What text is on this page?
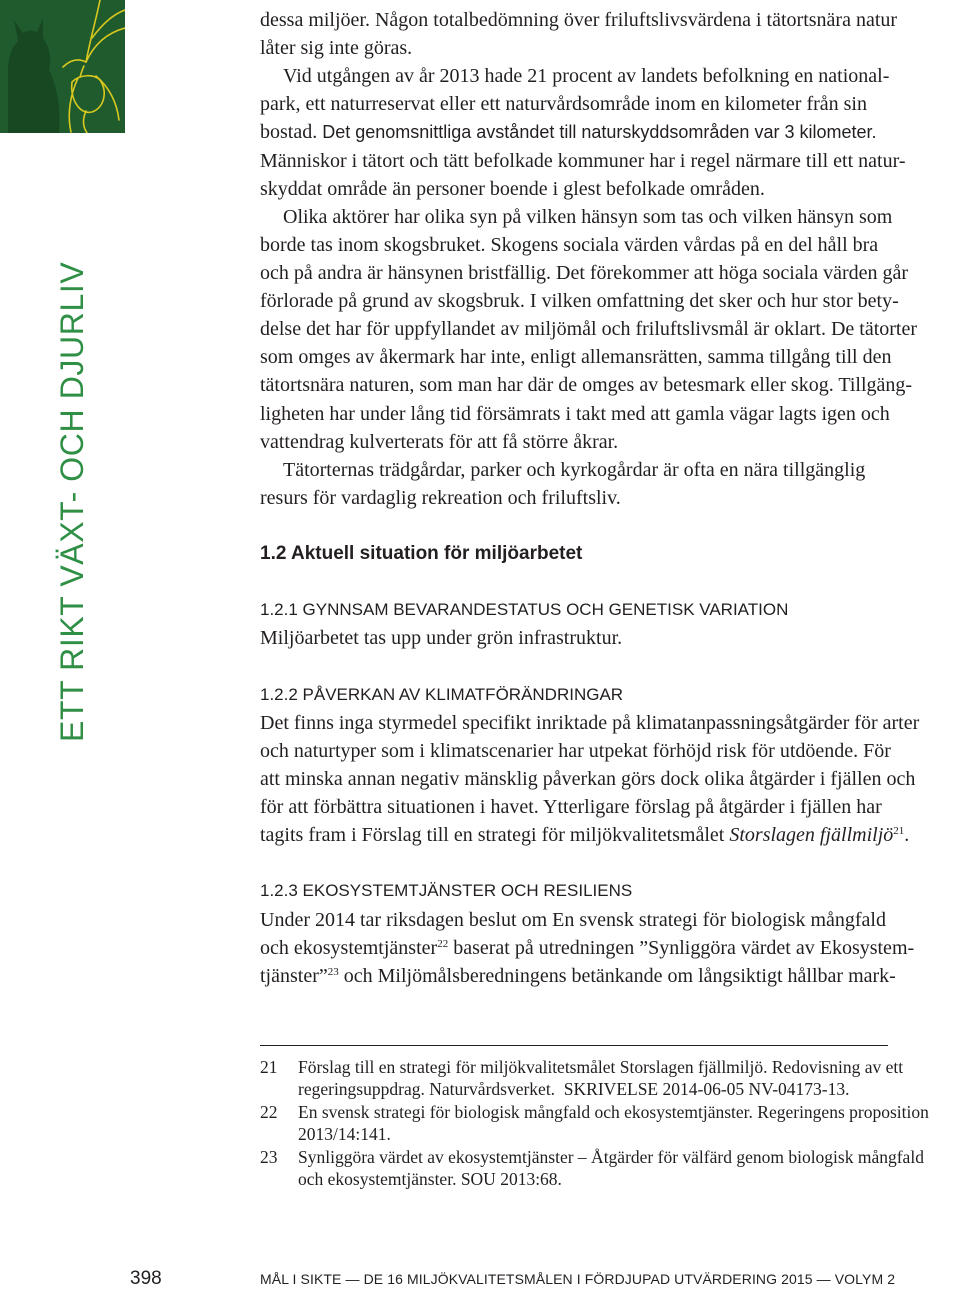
ETT RIKT VÄXT- OCH DJURLIV
dessa miljöer. Någon totalbedömning över friluftslivsvärdena i tätortsnära natur
låter sig inte göras.
Vid utgången av år 2013 hade 21 procent av landets befolkning en national-
park, ett naturreservat eller ett naturvårdsområde inom en kilometer från sin
bostad. Det genomsnittliga avståndet till naturskyddsområden var 3 kilometer.
Människor i tätort och tätt befolkade kommuner har i regel närmare till ett natur-
skyddat område än personer boende i glest befolkade områden.
Olika aktörer har olika syn på vilken hänsyn som tas och vilken hänsyn som
borde tas inom skogsbruket. Skogens sociala värden vårdas på en del håll bra
och på andra är hänsynen bristfällig. Det förekommer att höga sociala värden går
förlorade på grund av skogsbruk. I vilken omfattning det sker och hur stor bety-
delse det har för uppfyllandet av miljömål och friluftslivsmål är oklart. De tätorter
som omges av åkermark har inte, enligt allemansrätten, samma tillgång till den
tätortsnära naturen, som man har där de omges av betesmark eller skog. Tillgäng-
ligheten har under lång tid försämrats i takt med att gamla vägar lagts igen och
vattendrag kulverterats för att få större åkrar.
Tätorternas trädgårdar, parker och kyrkogårdar är ofta en nära tillgänglig
resurs för vardaglig rekreation och friluftsliv.
1.2 Aktuell situation för miljöarbetet
1.2.1 GYNNSAM BEVARANDESTATUS OCH GENETISK VARIATION
Miljöarbetet tas upp under grön infrastruktur.
1.2.2 PÅVERKAN AV KLIMATFÖRÄNDRINGAR
Det finns inga styrmedel specifikt inriktade på klimatanpassningsåtgärder för arter
och naturtyper som i klimatscenarier har utpekat förhöjd risk för utdöende. För
att minska annan negativ mänsklig påverkan görs dock olika åtgärder i fjällen och
för att förbättra situationen i havet. Ytterligare förslag på åtgärder i fjällen har
tagits fram i Förslag till en strategi för miljökvalitetsmålet Storslagen fjällmiljö$^{21}$.
1.2.3 EKOSYSTEMTJÄNSTER OCH RESILIENS
Under 2014 tar riksdagen beslut om En svensk strategi för biologisk mångfald
och ekosystemtjänster$^{22}$ baserat på utredningen ”Synliggöra värdet av Ekosystem-
tjänster”$^{23}$ och Miljömålsberedningens betänkande om långsiktigt hållbar mark-
21 Förslag till en strategi för miljökvalitetsmålet Storslagen fjällmiljö. Redovisning av ett
regeringsuppdrag. Naturvårdsverket.  SKRIVELSE 2014-06-05 NV-04173-13.
22 En svensk strategi för biologisk mångfald och ekosystemtjänster. Regeringens proposition
2013/14:141.
23 Synliggöra värdet av ekosystemtjänster – Åtgärder för välfärd genom biologisk mångfald
och ekosystemtjänster. SOU 2013:68.
398	MÅL I SIKTE — DE 16 MILJÖKVALITETSMÅLEN I FÖRDJUPAD UTVÄRDERING 2015 — VOLYM 2
